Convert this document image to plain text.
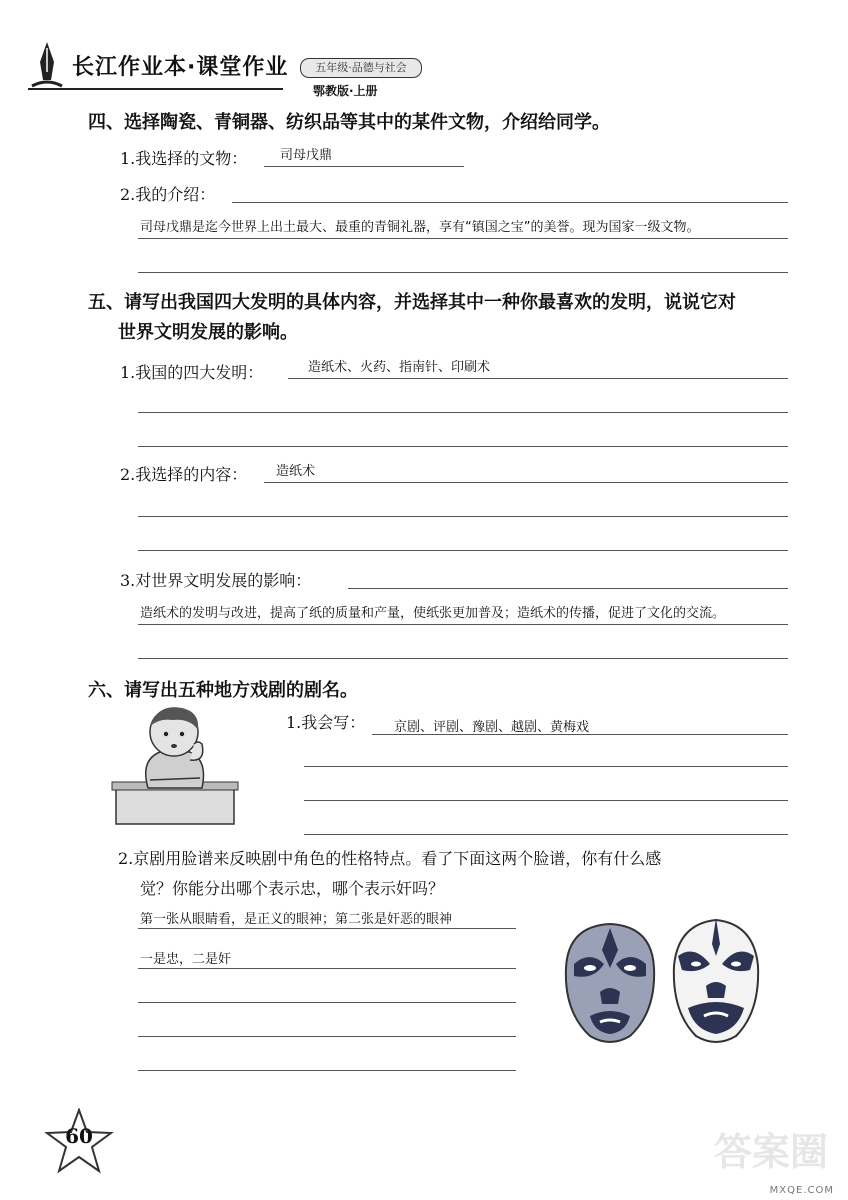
长江作业本·课堂作业	五年级·品德与社会
鄂教版·上册
四、选择陶瓷、青铜器、纺织品等其中的某件文物，介绍给同学。
1.我选择的文物：	司母戊鼎
2.我的介绍：
司母戊鼎是迄今世界上出土最大、最重的青铜礼器，享有“镇国之宝”的美誉。现为国家一级文物。
五、请写出我国四大发明的具体内容，并选择其中一种你最喜欢的发明，说说它对
世界文明发展的影响。
1.我国的四大发明：	造纸术、火药、指南针、印刷术
2.我选择的内容： 造纸术
3.对世界文明发展的影响：
造纸术的发明与改进，提高了纸的质量和产量，使纸张更加普及；造纸术的传播，促进了文化的交流。
六、请写出五种地方戏剧的剧名。
1.我会写： 京剧、评剧、豫剧、越剧、黄梅戏
2.京剧用脸谱来反映剧中角色的性格特点。看了下面这两个脸谱，你有什么感
觉？你能分出哪个表示忠，哪个表示奸吗？
第一张从眼睛看，是正义的眼神；第二张是奸恶的眼神
一是忠，二是奸
60	答案圈
MXQE.COM
